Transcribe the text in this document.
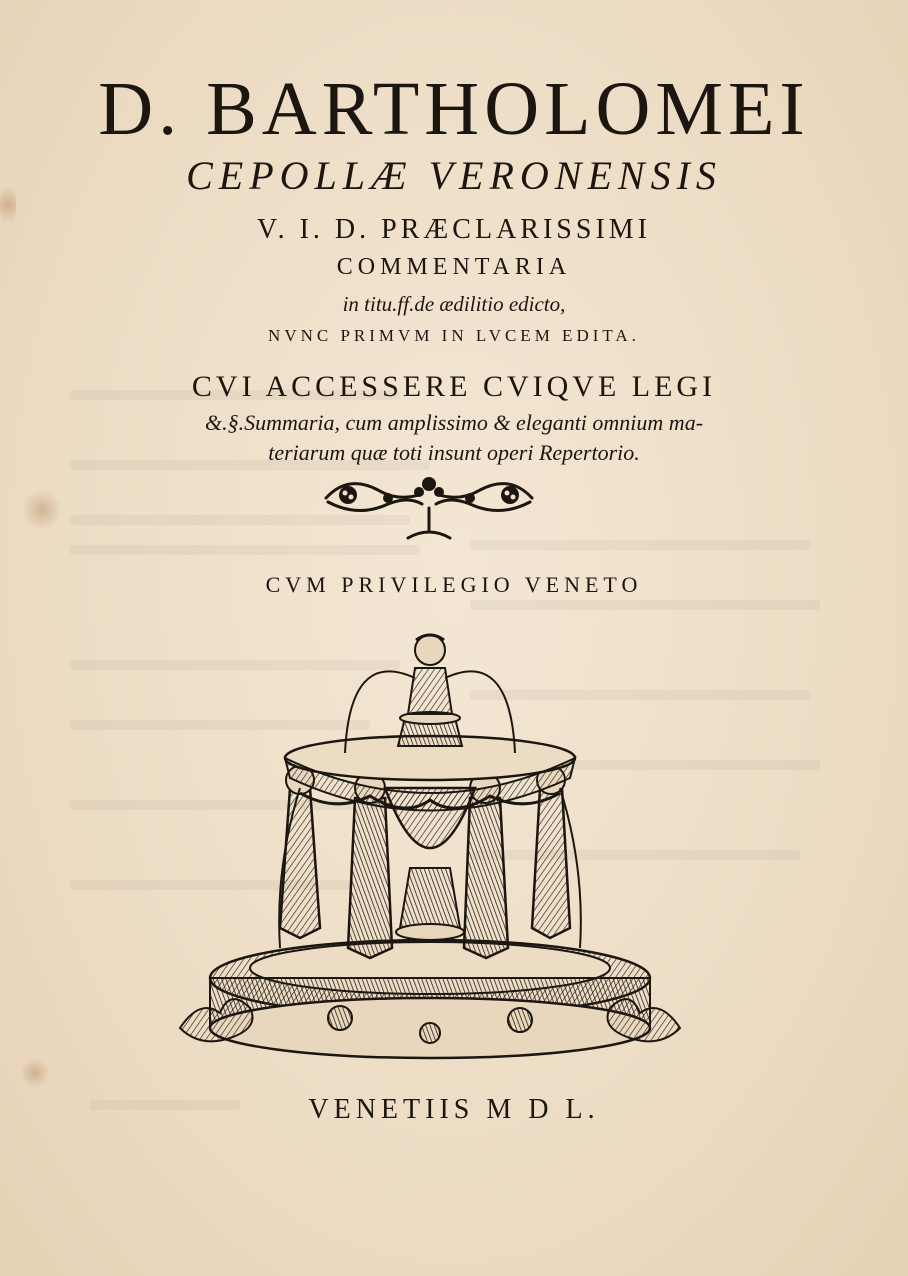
D. BARTHOLOMEI
CEPOLLÆ VERONENSIS
V. I. D. PRÆCLARISSIMI
COMMENTARIA
in titu.ff.de ædilitio edicto,
NVNC PRIMVM IN LVCEM EDITA.
CVI ACCESSERE CVIQVE LEGI
&.§.Summaria, cum amplissimo & eleganti omnium ma-
teriarum quæ toti insunt operi Repertorio.
CVM PRIVILEGIO VENETO
VENETIIS M D L.
